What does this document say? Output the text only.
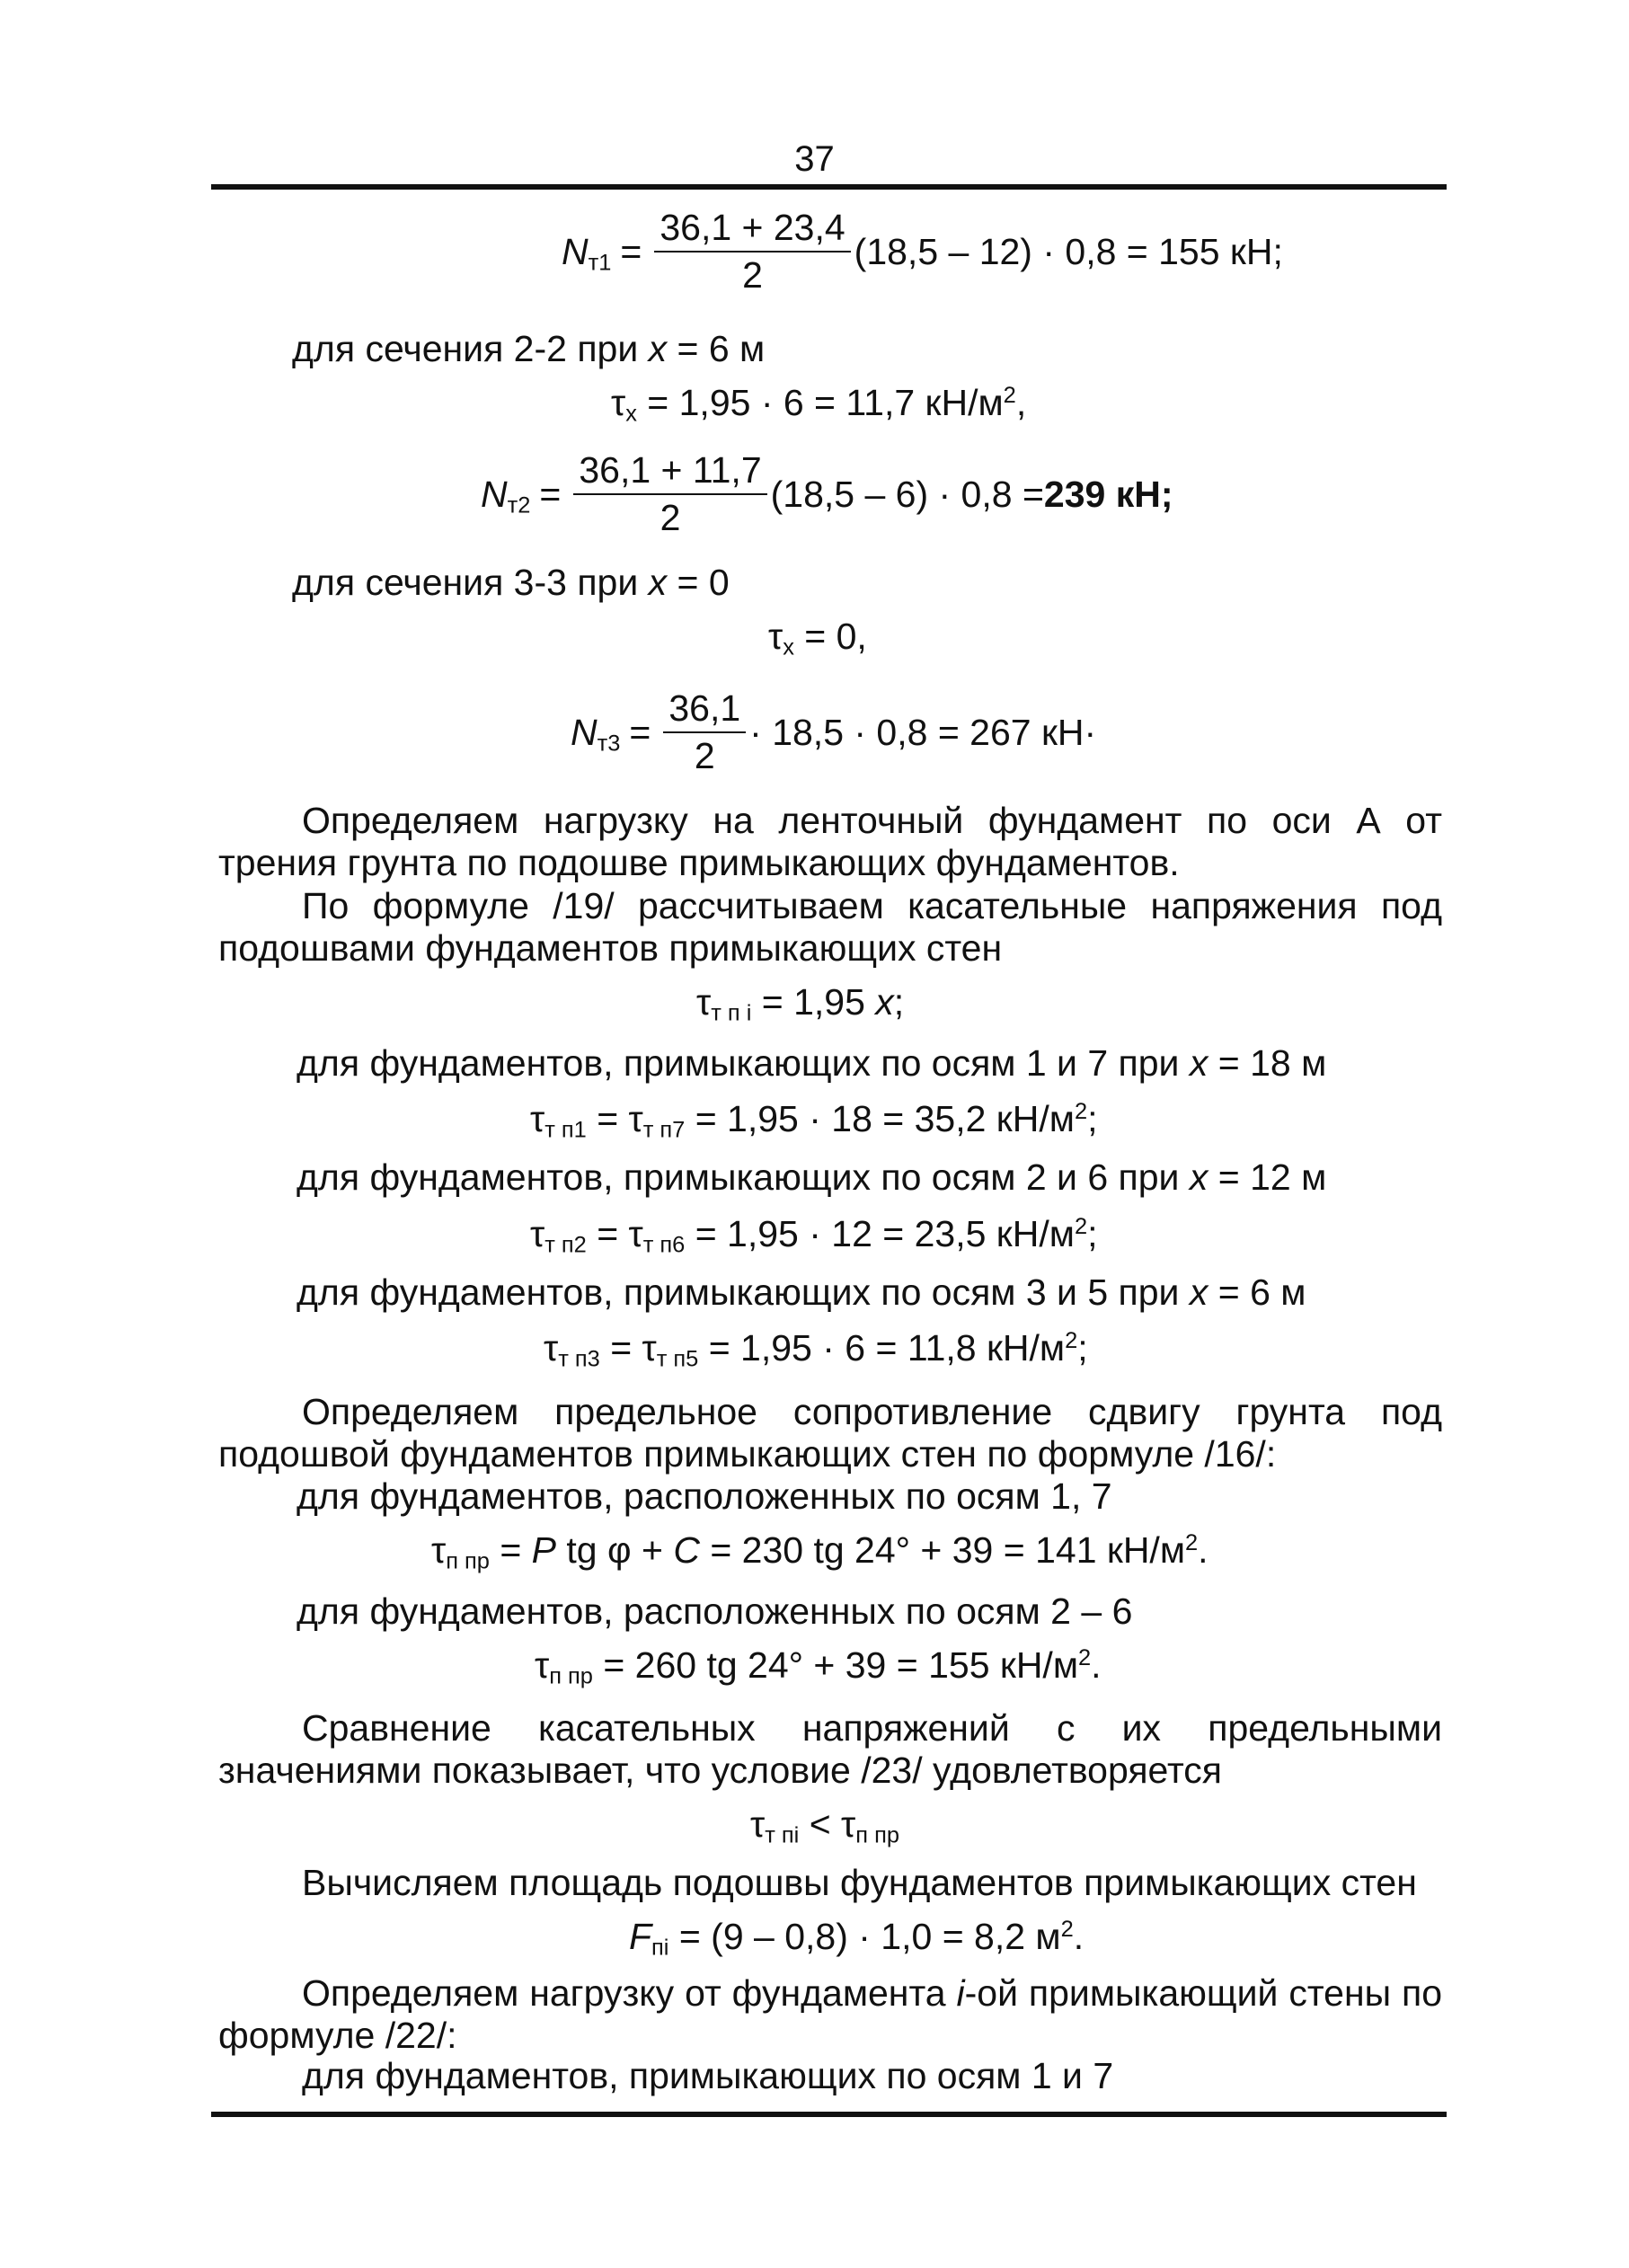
37
$N_{т1} = \frac{36,1 + 23,4}{2} (18,5 - 12) \cdot 0,8 = 155$ кН;
для сечения 2-2 при x = 6 м
$\tau_x = 1,95 \cdot 6 = 11,7$ $кН/м^2$,
$N_{т2} = \frac{36,1 + 11,7}{2} (18,5 - 6) \cdot 0,8 = 239$ кН;
для сечения 3-3 при x = 0
$\tau_x = 0$,
$N_{т3} = \frac{36,1}{2} \cdot 18,5 \cdot 0,8 = 267$ кН·
Определяем нагрузку на ленточный фундамент по оси А от трения грунта по подошве примыкающих фундаментов.
По формуле /19/ рассчитываем касательные напряжения под подошвами фундаментов примыкающих стен
$\tau_{т п i} = 1,95$ x;
для фундаментов, примыкающих по осям 1 и 7 при x = 18 м
$\tau_{т п1} = \tau_{т п7} = 1,95 \cdot 18 = 35,2$ $кН/м^2$;
для фундаментов, примыкающих по осям 2 и 6 при x = 12 м
$\tau_{т п2} = \tau_{т п6} = 1,95 \cdot 12 = 23,5$ $кН/м^2$;
для фундаментов, примыкающих по осям 3 и 5 при x = 6 м
$\tau_{т п3} = \tau_{т п5} = 1,95 \cdot 6 = 11,8$ $кН/м^2$;
Определяем предельное сопротивление сдвигу грунта под подошвой фундаментов примыкающих стен по формуле /16/:
для фундаментов, расположенных по осям 1, 7
$\tau_{п пр} = P$ tg φ + C = 230 tg 24° + 39 = 141 $кН/м^2$.
для фундаментов, расположенных по осям 2 – 6
$\tau_{п пр} = 260$ tg 24° + 39 = 155 $кН/м^2$.
Сравнение касательных напряжений с их предельными значениями показывает, что условие /23/ удовлетворяется
$\tau_{т пi} < \tau_{п пр}$
Вычисляем площадь подошвы фундаментов примыкающих стен
$F_{пi} = (9 - 0,8) \cdot 1,0 = 8,2$ $м^2$.
Определяем нагрузку от фундамента i-ой примыкающий стены по формуле /22/:
для фундаментов, примыкающих по осям 1 и 7
